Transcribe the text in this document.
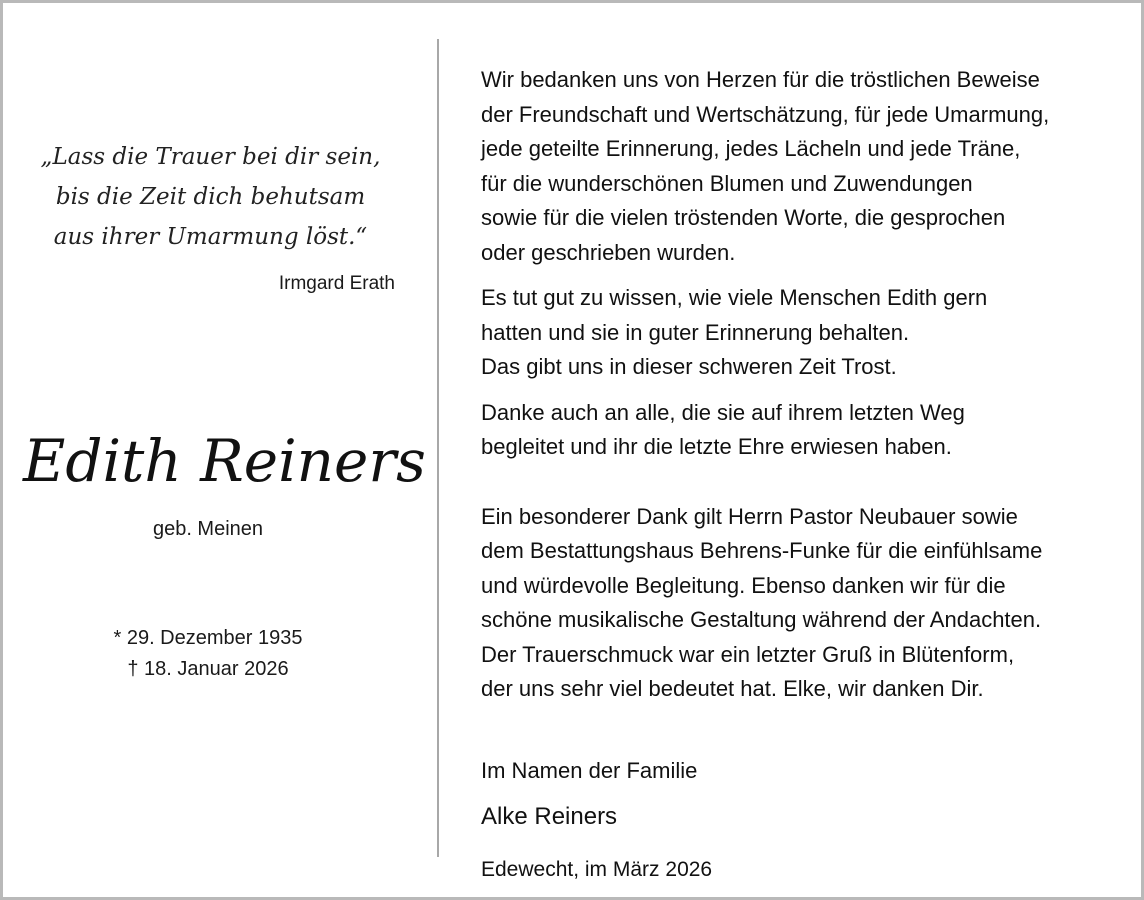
„Lass die Trauer bei dir sein,
bis die Zeit dich behutsam
aus ihrer Umarmung löst.“
Irmgard Erath
Edith Reiners
geb. Meinen
* 29. Dezember 1935
† 18. Januar 2026

Wir bedanken uns von Herzen für die tröstlichen Beweise
der Freundschaft und Wertschätzung, für jede Umarmung,
jede geteilte Erinnerung, jedes Lächeln und jede Träne,
für die wunderschönen Blumen und Zuwendungen
sowie für die vielen tröstenden Worte, die gesprochen
oder geschrieben wurden.

Es tut gut zu wissen, wie viele Menschen Edith gern
hatten und sie in guter Erinnerung behalten.
Das gibt uns in dieser schweren Zeit Trost.

Danke auch an alle, die sie auf ihrem letzten Weg
begleitet und ihr die letzte Ehre erwiesen haben.

Ein besonderer Dank gilt Herrn Pastor Neubauer sowie
dem Bestattungshaus Behrens-Funke für die einfühlsame
und würdevolle Begleitung. Ebenso danken wir für die
schöne musikalische Gestaltung während der Andachten.
Der Trauerschmuck war ein letzter Gruß in Blütenform,
der uns sehr viel bedeutet hat. Elke, wir danken Dir.

Im Namen der Familie
Alke Reiners
Edewecht, im März 2026
